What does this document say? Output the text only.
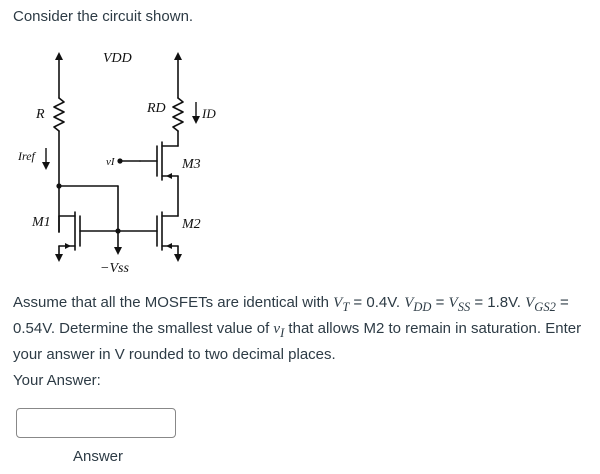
Consider the circuit shown.
VDD
R	RD	ID
Iref	vI	M3
M1	M2
−Vss
Assume that all the MOSFETs are identical with $V_T = 0.4V$. $V_{DD} = V_{SS} = 1.8V$. $V_{GS2} = 0.54V$. Determine the smallest value of $v_I$ that allows M2 to remain in saturation. Enter your answer in V rounded to two decimal places.
Your Answer:
Answer
